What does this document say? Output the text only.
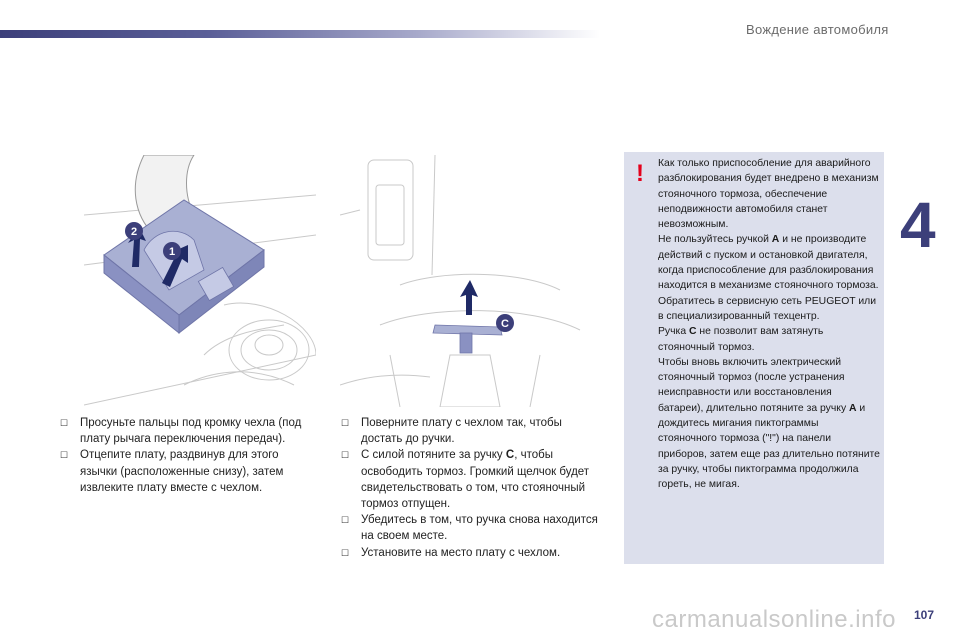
Вождение автомобиля
4
2
1
C
☐ Просуньте пальцы под кромку чехла (под плату рычага переключения передач).
☐ Отцепите плату, раздвинув для этого язычки (расположенные снизу), затем извлеките плату вместе с чехлом.
☐ Поверните плату с чехлом так, чтобы достать до ручки.
☐ С силой потяните за ручку C, чтобы освободить тормоз. Громкий щелчок будет свидетельствовать о том, что стояночный тормоз отпущен.
☐ Убедитесь в том, что ручка снова находится на своем месте.
☐ Установите на место плату с чехлом.
! Как только приспособление для аварийного разблокирования будет внедрено в механизм стояночного тормоза, обеспечение неподвижности автомобиля станет невозможным.

Не пользуйтесь ручкой A и не производите действий с пуском и остановкой двигателя, когда приспособление для разблокирования находится в механизме стояночного тормоза.

Обратитесь в сервисную сеть PEUGEOT или в специализированный техцентр.

Ручка C не позволит вам затянуть стояночный тормоз.

Чтобы вновь включить электрический стояночный тормоз (после устранения неисправности или восстановления батареи), длительно потяните за ручку A и дождитесь мигания пиктограммы стояночного тормоза ("!") на панели приборов, затем еще раз длительно потяните за ручку, чтобы пиктограмма продолжила гореть, не мигая.

carmanualsonline.info 107
